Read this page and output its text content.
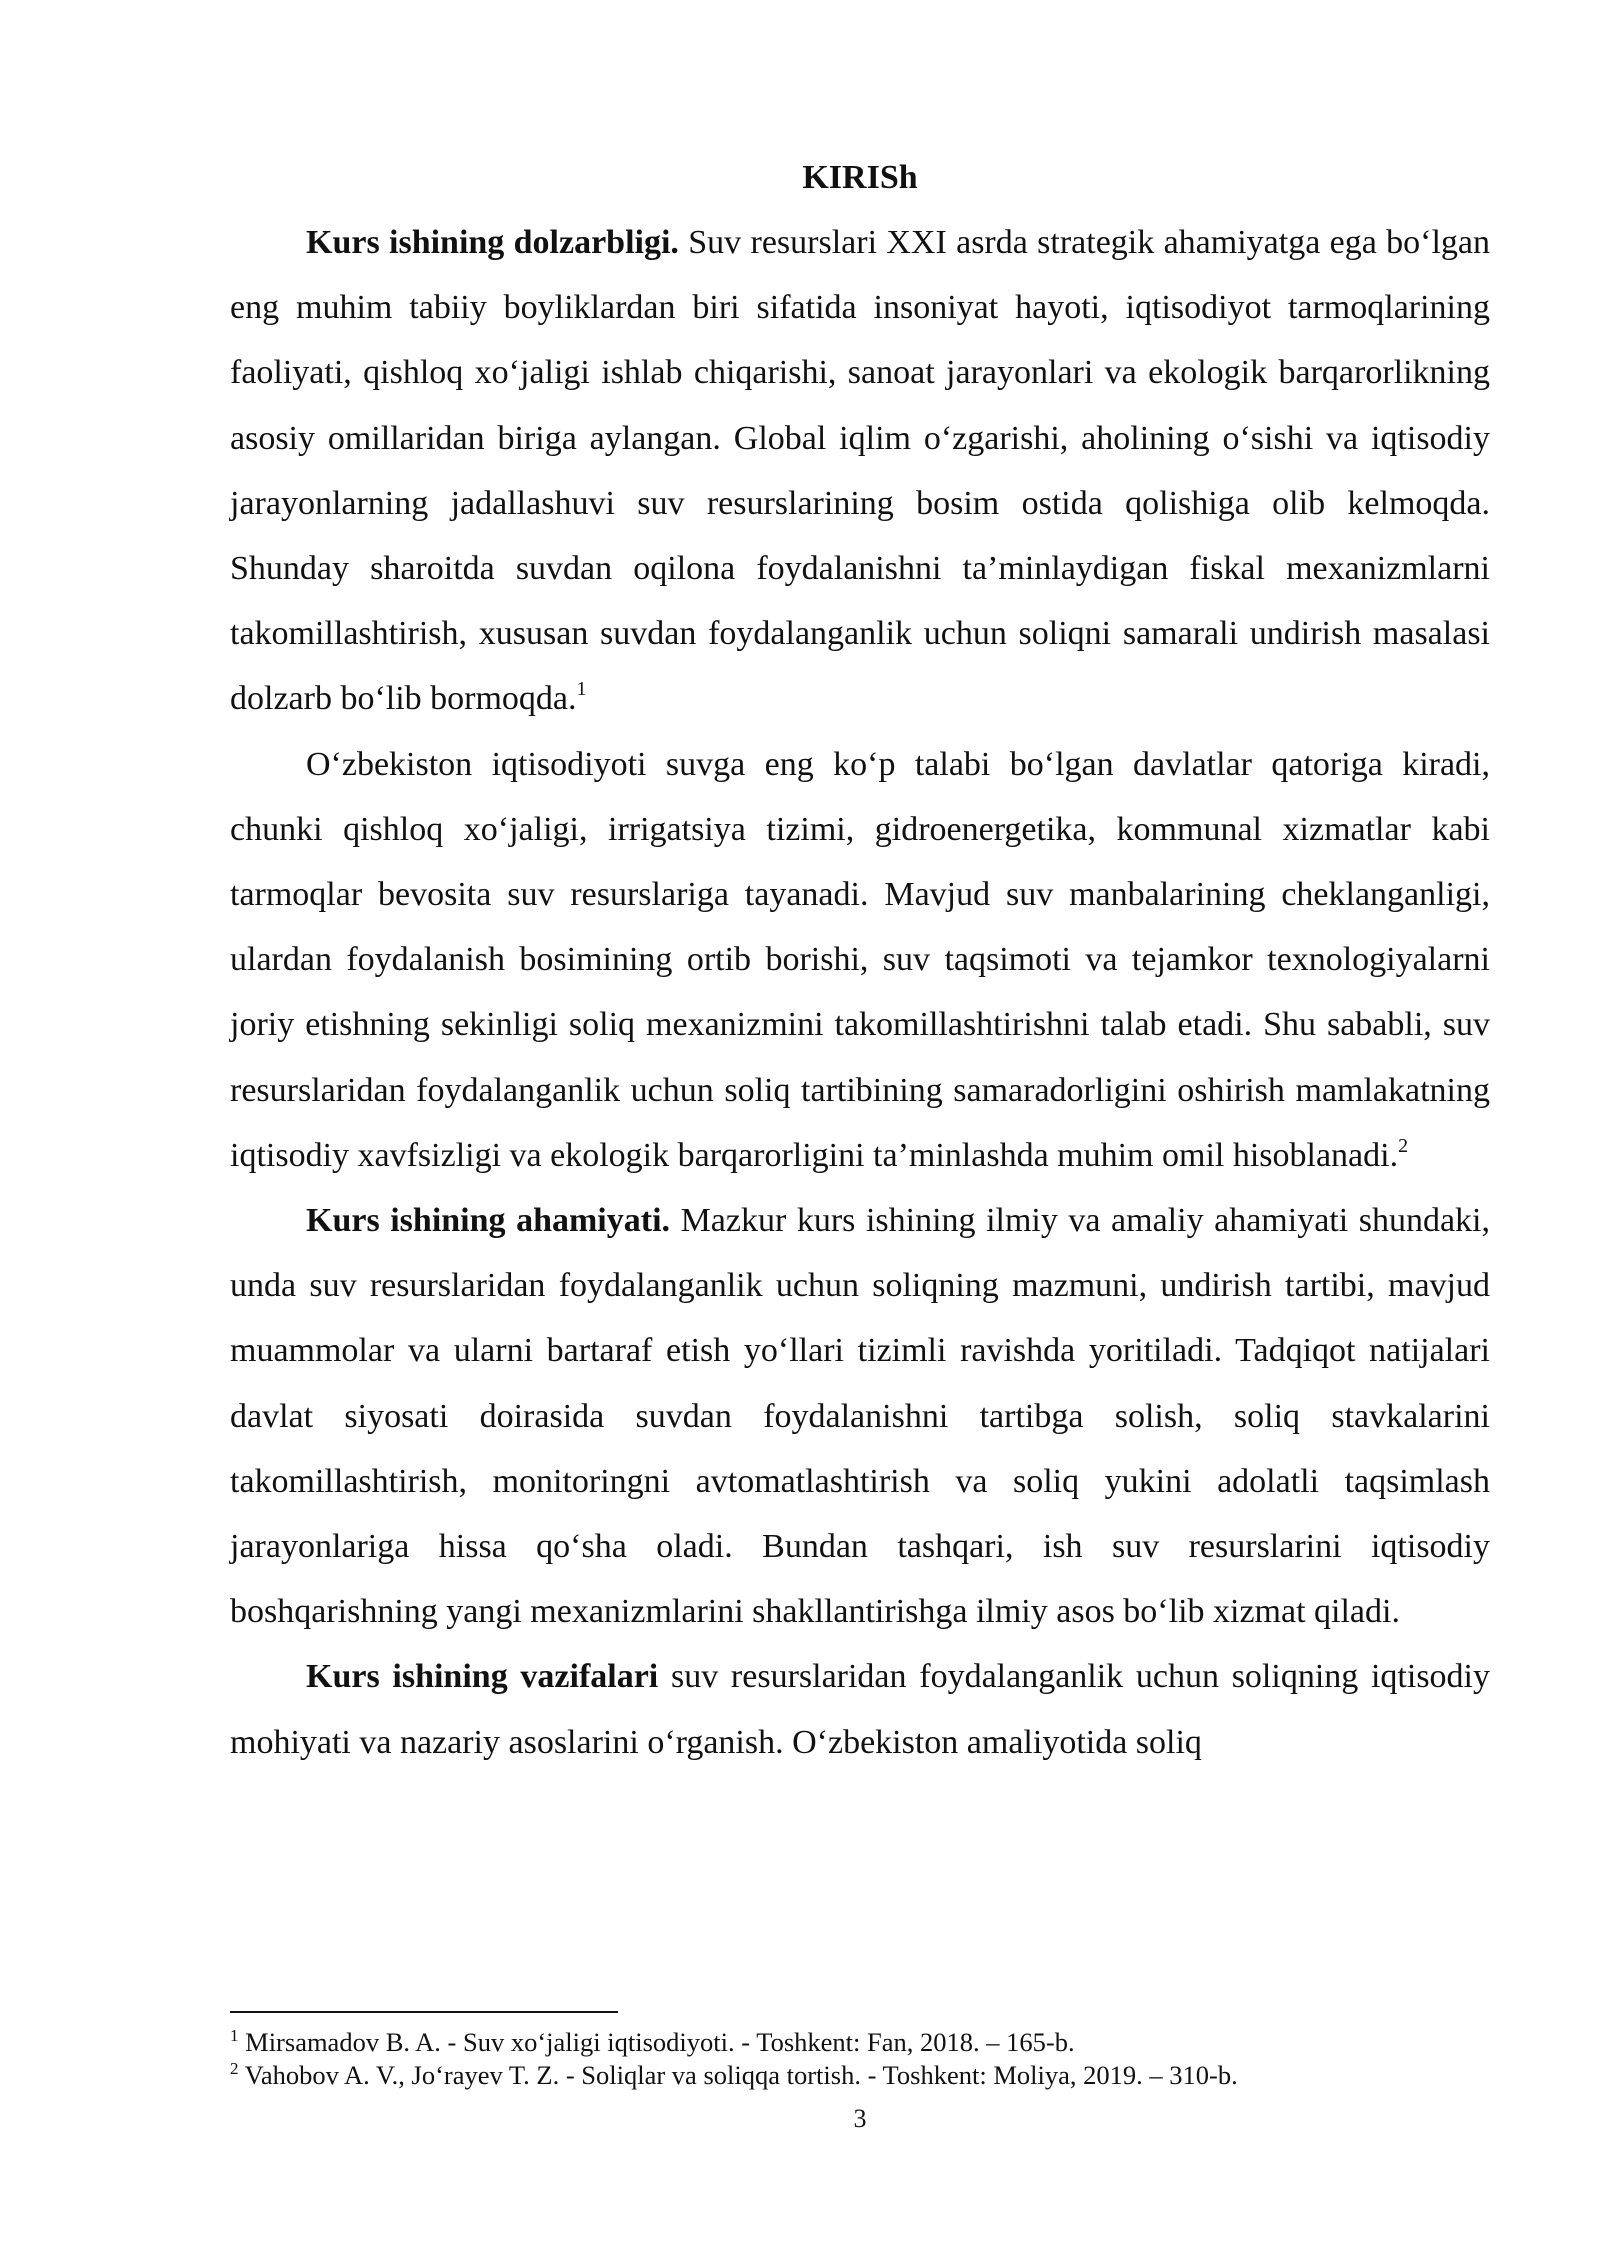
KIRISh

Kurs ishining dolzarbligi. Suv resurslari XXI asrda strategik ahamiyatga ega bo‘lgan eng muhim tabiiy boyliklardan biri sifatida insoniyat hayoti, iqtisodiyot tarmoqlarining faoliyati, qishloq xo‘jaligi ishlab chiqarishi, sanoat jarayonlari va ekologik barqarorlikning asosiy omillaridan biriga aylangan. Global iqlim o‘zgarishi, aholining o‘sishi va iqtisodiy jarayonlarning jadallashuvi suv resurslarining bosim ostida qolishiga olib kelmoqda. Shunday sharoitda suvdan oqilona foydalanishni ta’minlaydigan fiskal mexanizmlarni takomillashtirish, xususan suvdan foydalanganlik uchun soliqni samarali undirish masalasi dolzarb bo‘lib bormoqda.$^1$

O‘zbekiston iqtisodiyoti suvga eng ko‘p talabi bo‘lgan davlatlar qatoriga kiradi, chunki qishloq xo‘jaligi, irrigatsiya tizimi, gidroenergetika, kommunal xizmatlar kabi tarmoqlar bevosita suv resurslariga tayanadi. Mavjud suv manbalarining cheklanganligi, ulardan foydalanish bosimining ortib borishi, suv taqsimoti va tejamkor texnologiyalarni joriy etishning sekinligi soliq mexanizmini takomillashtirishni talab etadi. Shu sababli, suv resurslaridan foydalanganlik uchun soliq tartibining samaradorligini oshirish mamlakatning iqtisodiy xavfsizligi va ekologik barqarorligini ta’minlashda muhim omil hisoblanadi.$^2$

Kurs ishining ahamiyati. Mazkur kurs ishining ilmiy va amaliy ahamiyati shundaki, unda suv resurslaridan foydalanganlik uchun soliqning mazmuni, undirish tartibi, mavjud muammolar va ularni bartaraf etish yo‘llari tizimli ravishda yoritiladi. Tadqiqot natijalari davlat siyosati doirasida suvdan foydalanishni tartibga solish, soliq stavkalarini takomillashtirish, monitoringni avtomatlashtirish va soliq yukini adolatli taqsimlash jarayonlariga hissa qo‘sha oladi. Bundan tashqari, ish suv resurslarini iqtisodiy boshqarishning yangi mexanizmlarini shakllantirishga ilmiy asos bo‘lib xizmat qiladi.

Kurs ishining vazifalari suv resurslaridan foydalanganlik uchun soliqning iqtisodiy mohiyati va nazariy asoslarini o‘rganish. O‘zbekiston amaliyotida soliq

$^1$ Mirsamadov B. A. - Suv xo‘jaligi iqtisodiyoti. - Toshkent: Fan, 2018. – 165-b.

$^2$ Vahobov A. V., Jo‘rayev T. Z. - Soliqlar va soliqqa tortish. - Toshkent: Moliya, 2019. – 310-b.

3
